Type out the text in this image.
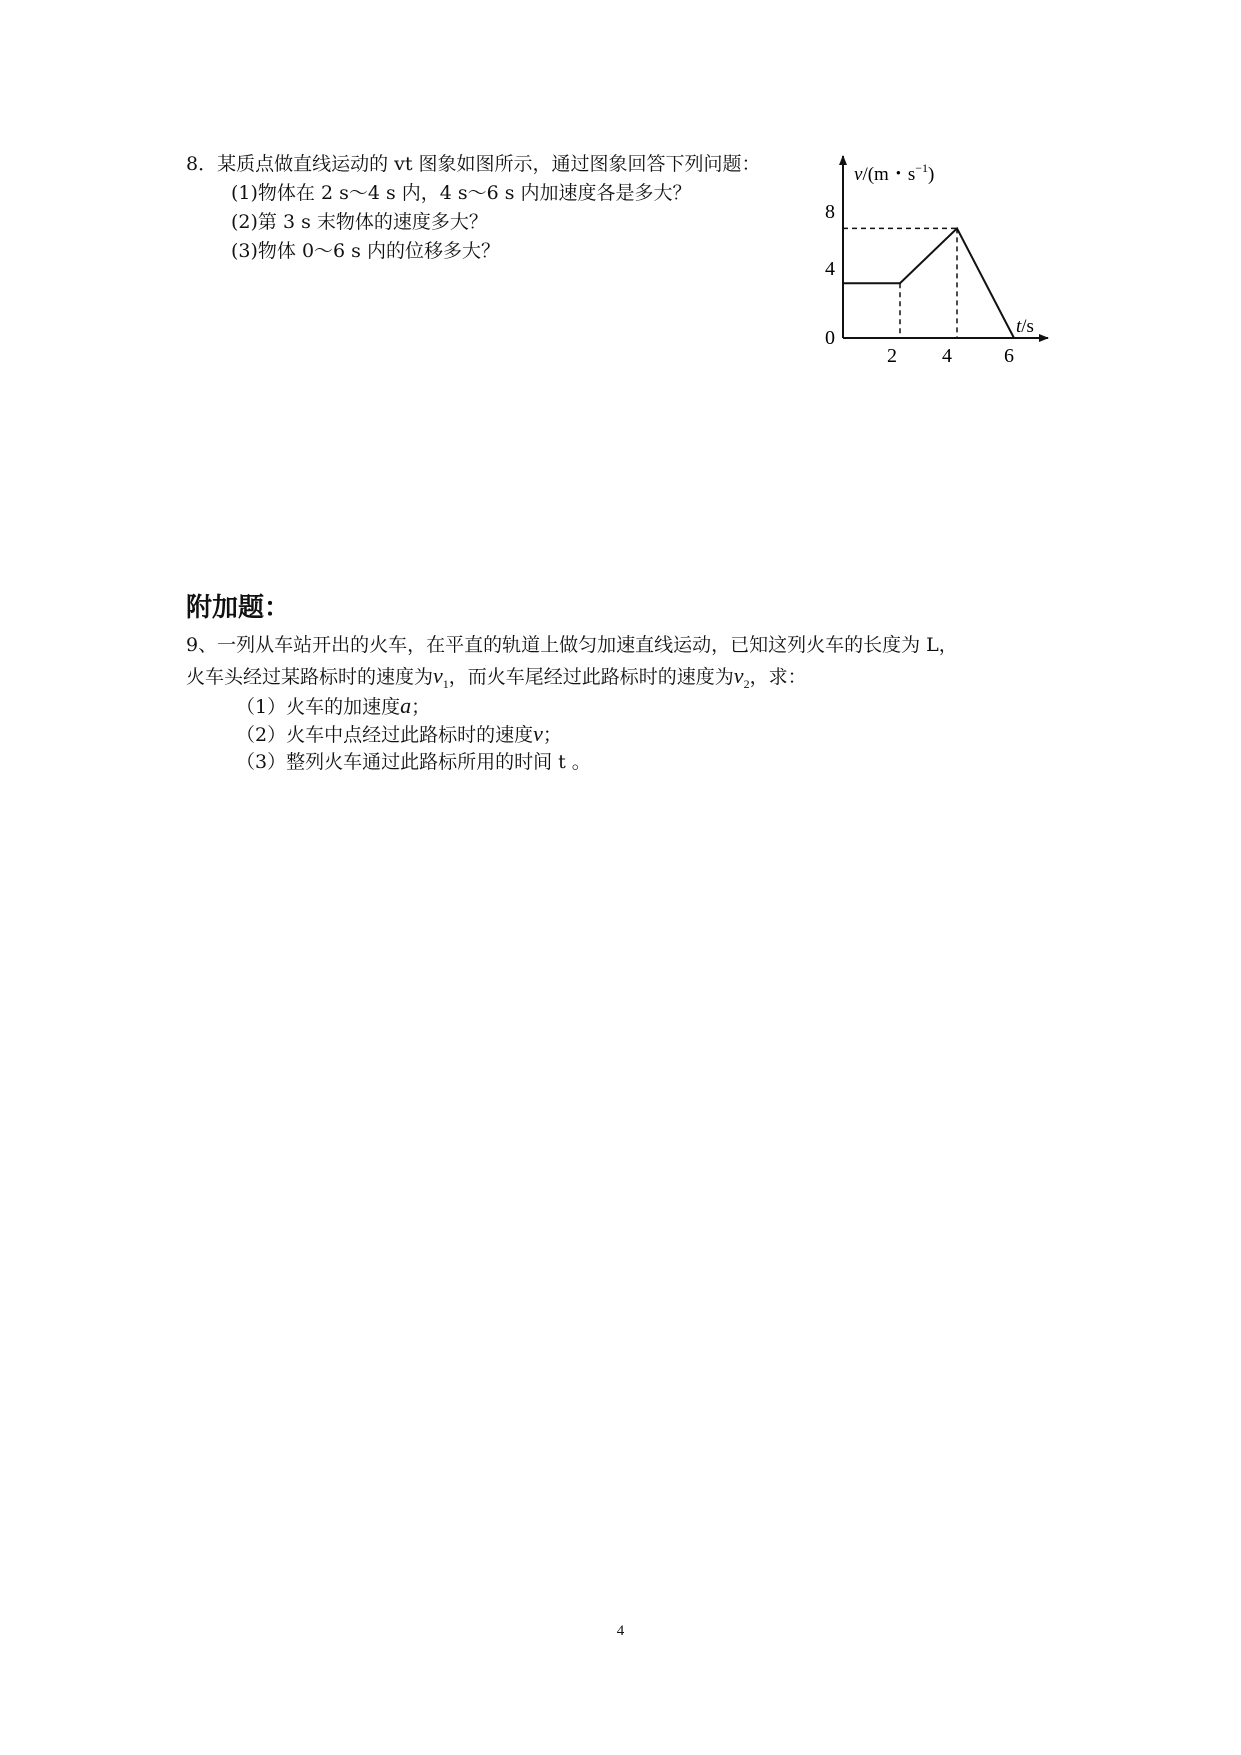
8．某质点做直线运动的 vt 图象如图所示，通过图象回答下列问题：
(1)物体在 2 s～4 s 内，4 s～6 s 内加速度各是多大？
(2)第 3 s 末物体的速度多大？
(3)物体 0～6 s 内的位移多大？
v/(m・$s^{-1}$)
t/s
0
4
8
2 4	6
附加题：
9、一列从车站开出的火车，在平直的轨道上做匀加速直线运动，已知这列火车的长度为 L，
火车头经过某路标时的速度为$v_1$，而火车尾经过此路标时的速度为$v_2$，求：
（1）火车的加速度a；
（2）火车中点经过此路标时的速度v；
（3）整列火车通过此路标所用的时间 t 。
4
